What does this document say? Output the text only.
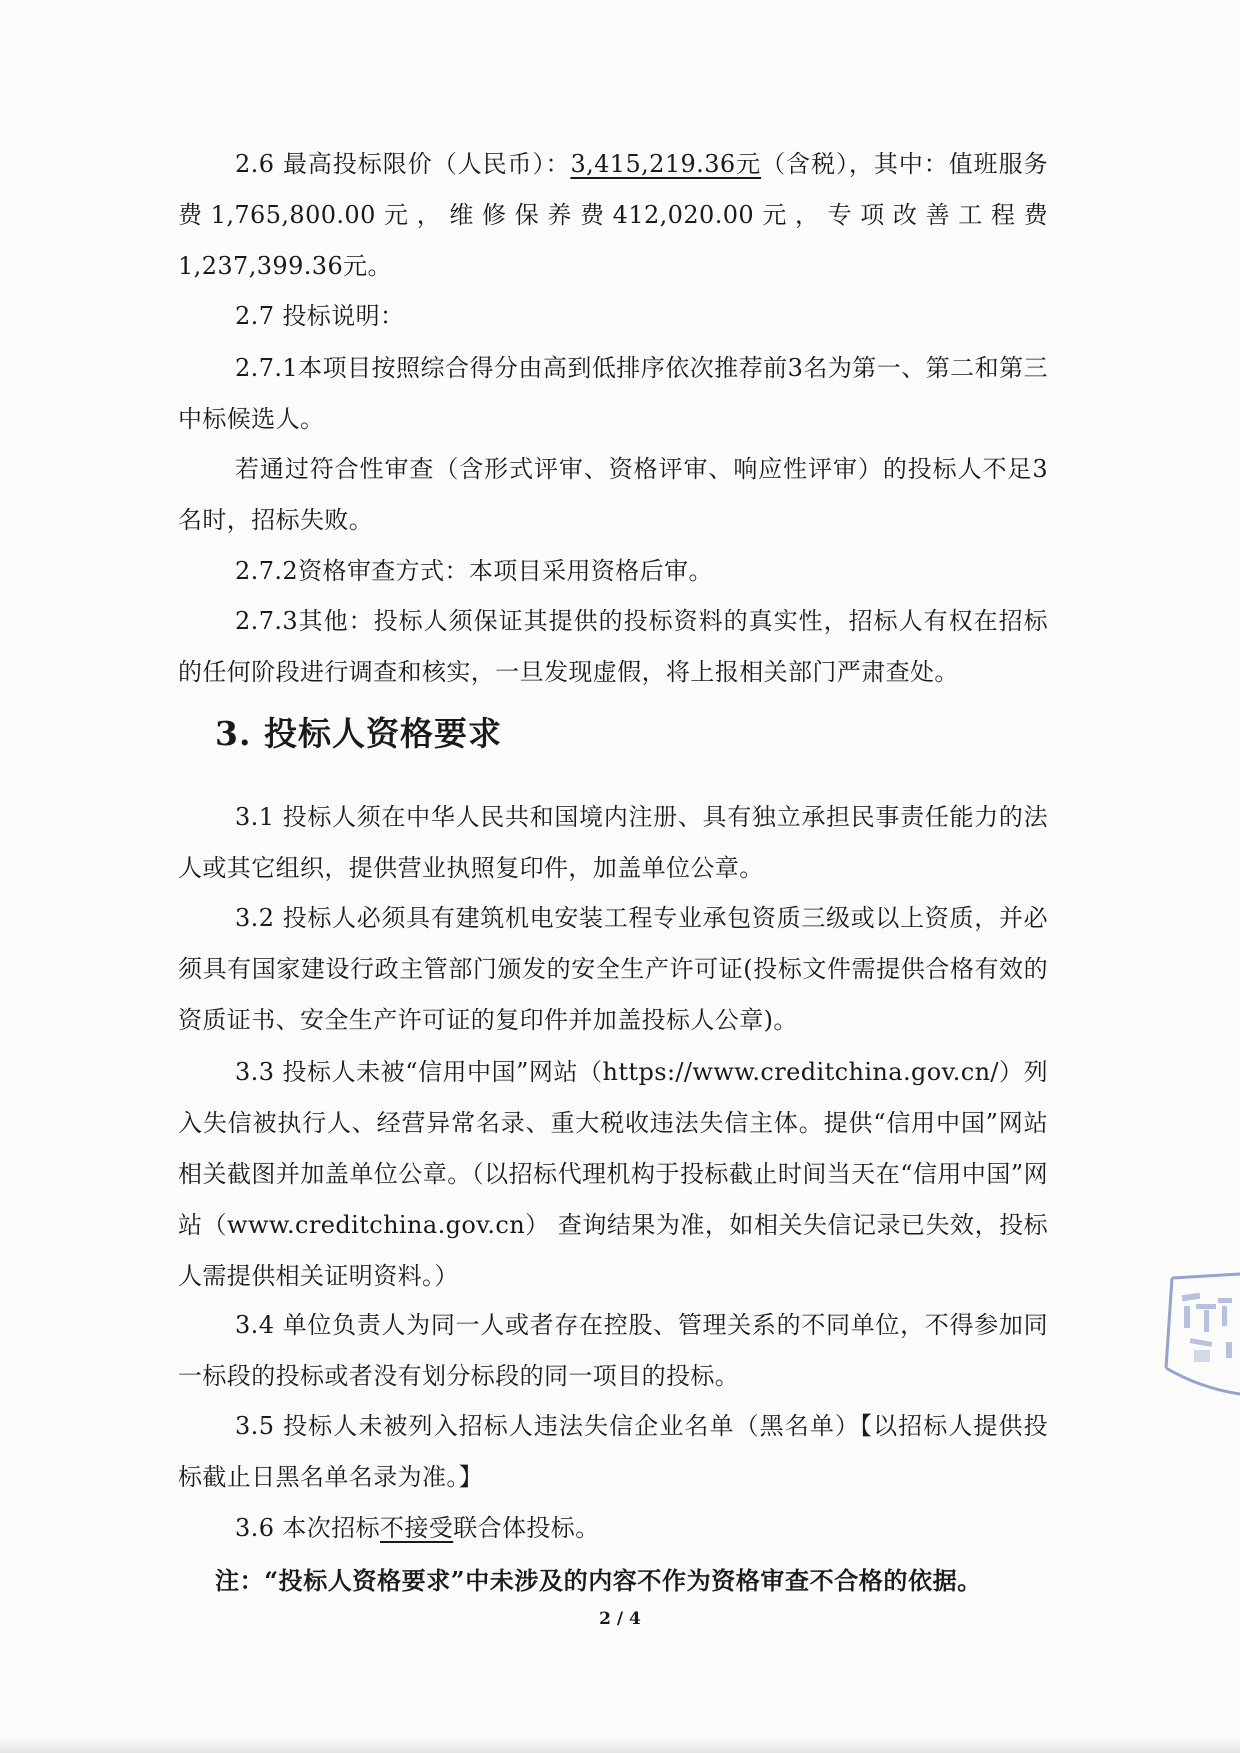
2.6 最高投标限价（人民币）：3,415,219.36元（含税），其中：值班服务费1,765,800.00元，维修保养费412,020.00元，专项改善工程费1,237,399.36元。

2.7 投标说明：

2.7.1本项目按照综合得分由高到低排序依次推荐前3名为第一、第二和第三中标候选人。

若通过符合性审查（含形式评审、资格评审、响应性评审）的投标人不足3名时，招标失败。

2.7.2资格审查方式：本项目采用资格后审。

2.7.3其他：投标人须保证其提供的投标资料的真实性，招标人有权在招标的任何阶段进行调查和核实，一旦发现虚假，将上报相关部门严肃查处。

3. 投标人资格要求

3.1 投标人须在中华人民共和国境内注册、具有独立承担民事责任能力的法人或其它组织，提供营业执照复印件，加盖单位公章。

3.2 投标人必须具有建筑机电安装工程专业承包资质三级或以上资质，并必须具有国家建设行政主管部门颁发的安全生产许可证(投标文件需提供合格有效的资质证书、安全生产许可证的复印件并加盖投标人公章)。

3.3 投标人未被“信用中国”网站（https://www.creditchina.gov.cn/）列入失信被执行人、经营异常名录、重大税收违法失信主体。提供“信用中国”网站相关截图并加盖单位公章。（以招标代理机构于投标截止时间当天在“信用中国”网站（www.creditchina.gov.cn） 查询结果为准，如相关失信记录已失效，投标人需提供相关证明资料。）

3.4 单位负责人为同一人或者存在控股、管理关系的不同单位，不得参加同一标段的投标或者没有划分标段的同一项目的投标。

3.5 投标人未被列入招标人违法失信企业名单（黑名单）【以招标人提供投标截止日黑名单名录为准。】

3.6 本次招标不接受联合体投标。

注：“投标人资格要求”中未涉及的内容不作为资格审查不合格的依据。

2 / 4
